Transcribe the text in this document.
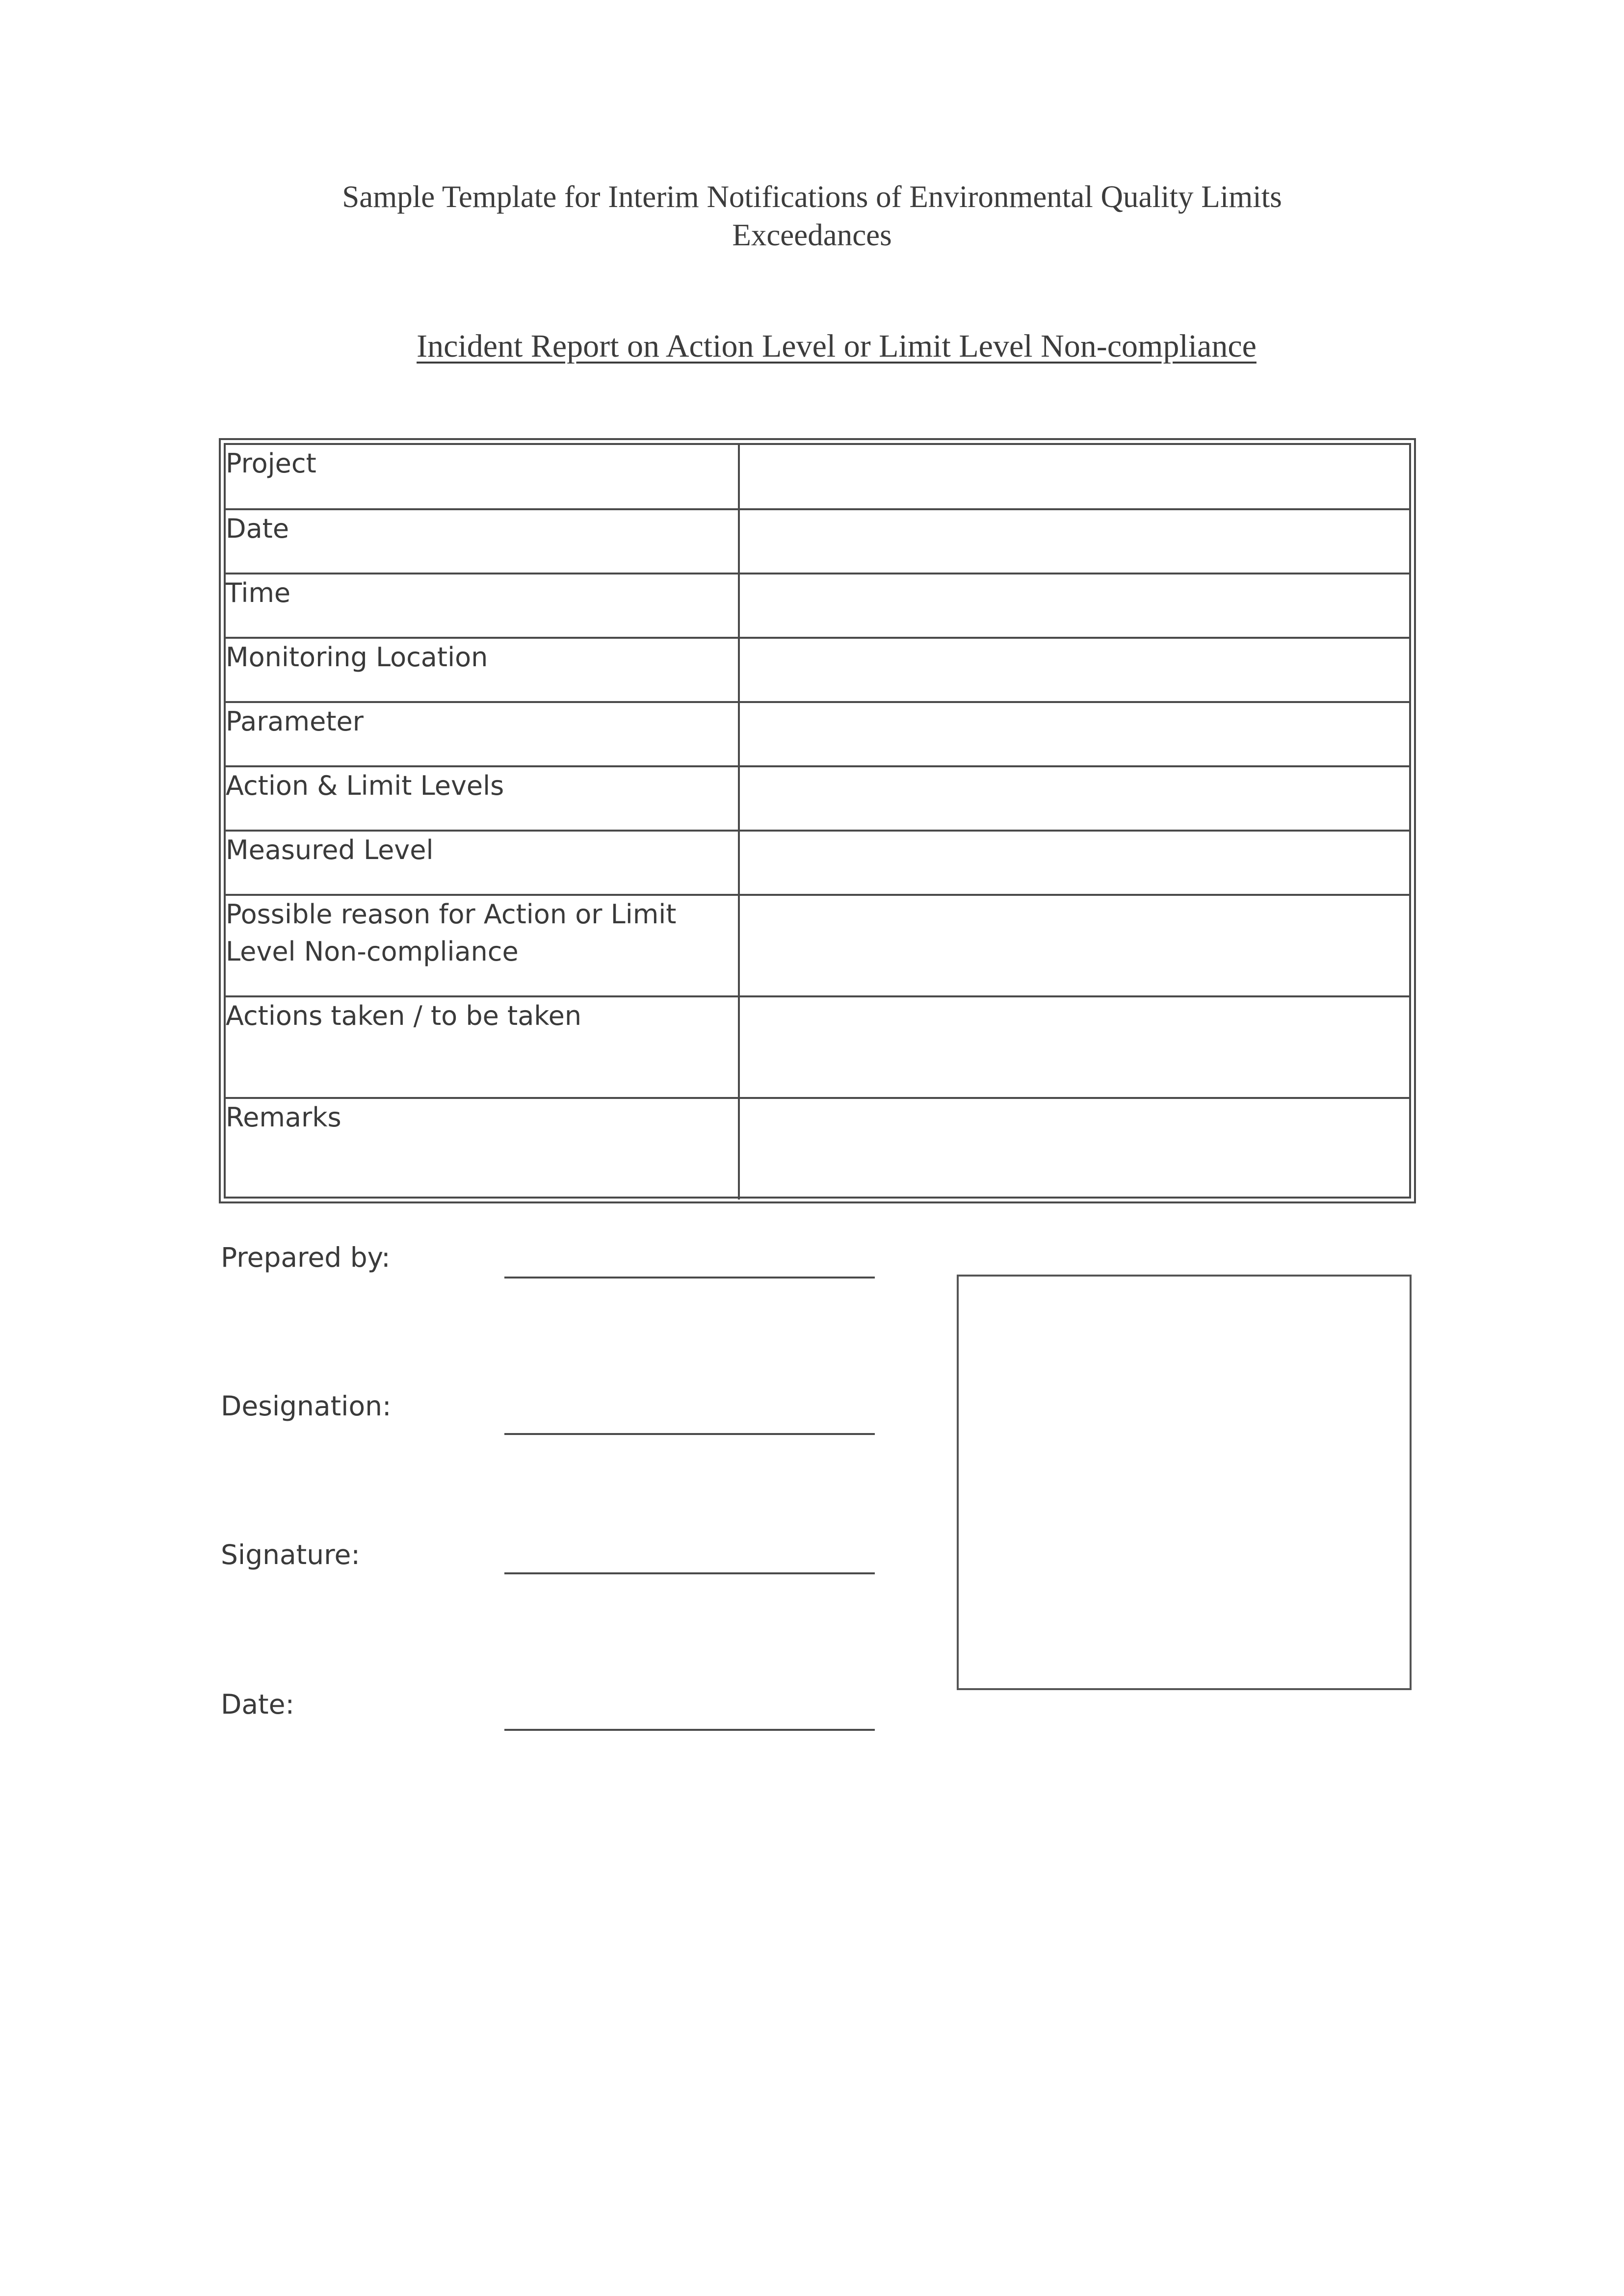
Sample Template for Interim Notifications of Environmental Quality Limits
Exceedances
Incident Report on Action Level or Limit Level Non-compliance
Project	

Date	

Time	

Monitoring Location	

Parameter	

Action & Limit Levels	

Measured Level	

Possible reason for Action or Limit
Level Non-compliance	

Actions taken / to be taken	

Remarks	

Prepared by:
Designation:
Signature:
Date:
